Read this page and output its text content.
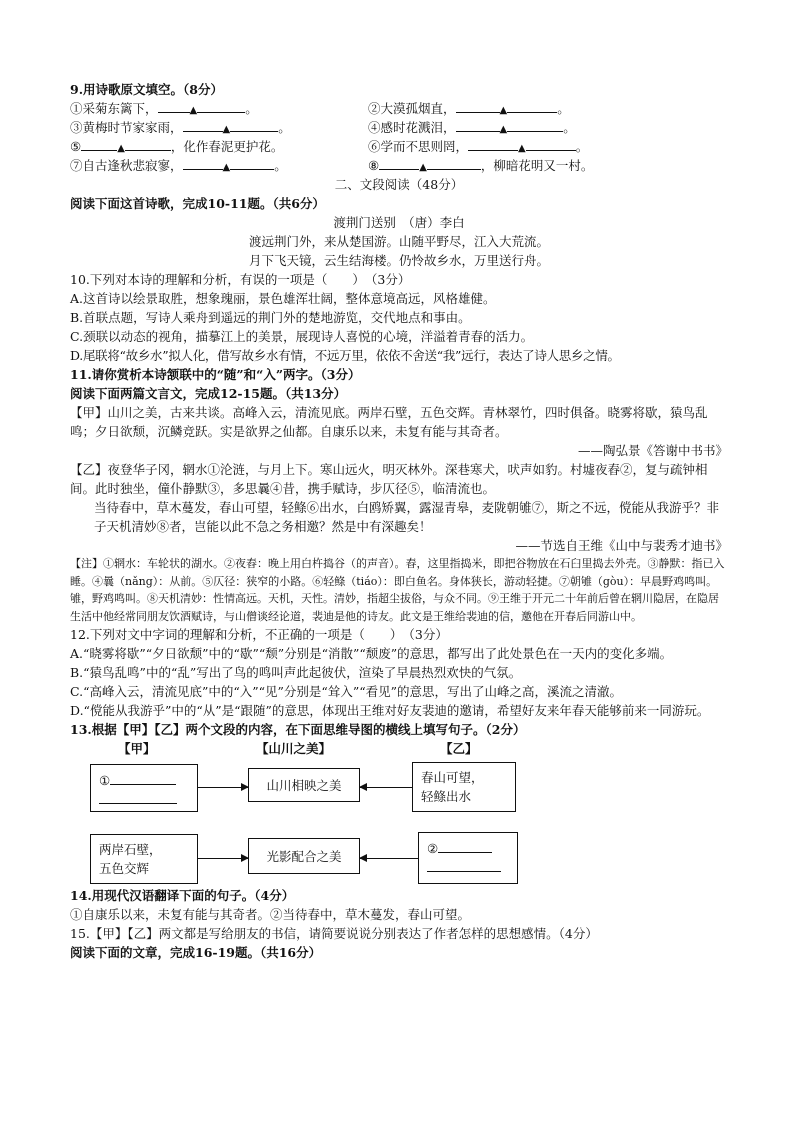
9.用诗歌原文填空。（8分）

①采菊东篱下，	▲	。	②大漠孤烟直，	▲	。
③黄梅时节家家雨，	▲	。	④感时花溅泪，	▲	。
⑤	▲	，化作春泥更护花。	⑥学而不思则罔，	▲	。
⑦自古逢秋悲寂寥，	▲	。	⑧	▲	，柳暗花明又一村。

二、文段阅读（48分）

阅读下面这首诗歌，完成10-11题。（共6分）

渡荆门送别　（唐）李白

渡远荆门外，来从楚国游。山随平野尽，江入大荒流。

月下飞天镜，云生结海楼。仍怜故乡水，万里送行舟。

10.下列对本诗的理解和分析，有误的一项是（　　）　（3分）

A.这首诗以绘景取胜，想象瑰丽，景色雄浑壮阔，整体意境高远，风格雄健。

B.首联点题，写诗人乘舟到遥远的荆门外的楚地游览，交代地点和事由。

C.颈联以动态的视角，描摹江上的美景，展现诗人喜悦的心境，洋溢着青春的活力。

D.尾联将“故乡水”拟人化，借写故乡水有情，不远万里，依依不舍送“我”远行，表达了诗人思乡之情。

11.请你赏析本诗颔联中的“随”和“入”两字。（3分）

阅读下面两篇文言文，完成12-15题。（共13分）

【甲】山川之美，古来共谈。高峰入云，清流见底。两岸石壁，五色交辉。青林翠竹，四时俱备。晓雾将歇，猿鸟乱鸣；夕日欲颓，沉鳞竞跃。实是欲界之仙都。自康乐以来，未复有能与其奇者。

——陶弘景《答谢中书书》

【乙】夜登华子冈，辋水①沦涟，与月上下。寒山远火，明灭林外。深巷寒犬，吠声如豹。村墟夜舂②，复与疏钟相间。此时独坐，僮仆静默③，多思曩④昔，携手赋诗，步仄径⑤，临清流也。

当待春中，草木蔓发，春山可望，轻鲦⑥出水，白鸥矫翼，露湿青皋，麦陇朝雊⑦，斯之不远，傥能从我游乎？非子天机清妙⑧者，岂能以此不急之务相邀？然是中有深趣矣！

——节选自王维《山中与裴秀才迪书》

【注】①辋水：车轮状的湖水。②夜舂：晚上用白杵捣谷（的声音）。舂，这里指捣米，即把谷物放在石臼里捣去外壳。③静默：指已入睡。④曩（nǎng）：从前。⑤仄径：狭窄的小路。⑥轻鲦（tiáo）：即白鱼名。身体狭长，游动轻捷。⑦朝雊（gòu）：早晨野鸡鸣叫。雊，野鸡鸣叫。⑧天机清妙：性情高远。天机，天性。清妙，指超尘拔俗，与众不同。⑨王维于开元二十年前后曾在辋川隐居，在隐居生活中他经常同朋友饮酒赋诗，与山僧谈经论道，裴迪是他的诗友。此文是王维给裴迪的信，邀他在开春后同游山中。

12.下列对文中字词的理解和分析，不正确的一项是（　　）　（3分）

A.“晓雾将歇”“夕日欲颓”中的“歇”“颓”分别是“消散”“颓废”的意思，都写出了此处景色在一天内的变化多端。

B.“猿鸟乱鸣”中的“乱”写出了鸟的鸣叫声此起彼伏，渲染了早晨热烈欢快的气氛。

C.“高峰入云，清流见底”中的“入”“见”分别是“耸入”“看见”的意思，写出了山峰之高，溪流之清澈。

D.“傥能从我游乎”中的“从”是“跟随”的意思，体现出王维对好友裴迪的邀请，希望好友来年春天能够前来一同游玩。

13.根据【甲】【乙】两个文段的内容，在下面思维导图的横线上填写句子。（2分）

【甲】	【山川之美】	【乙】
①	山川相映之美
春山可望，
轻鲦出水
两岸石壁，
五色交辉
光影配合之美
②

14.用现代汉语翻译下面的句子。（4分）

①自康乐以来，未复有能与其奇者。②当待春中，草木蔓发，春山可望。

15.【甲】【乙】两文都是写给朋友的书信，请简要说说分别表达了作者怎样的思想感情。（4分）

阅读下面的文章，完成16-19题。（共16分）
